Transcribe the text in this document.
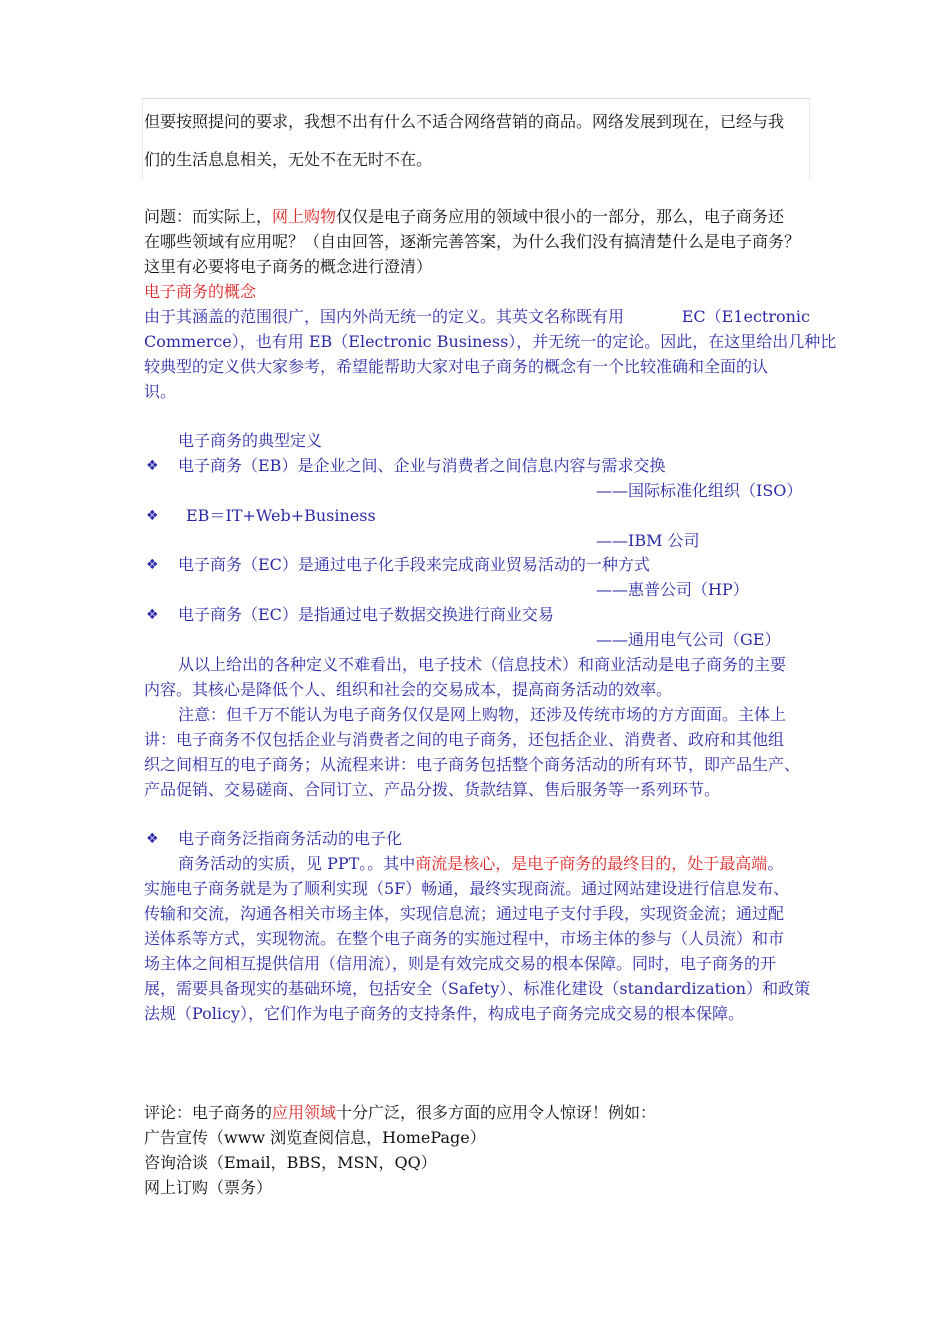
但要按照提问的要求，我想不出有什么不适合网络营销的商品。网络发展到现在，已经与我
们的生活息息相关，无处不在无时不在。
问题：而实际上，网上购物仅仅是电子商务应用的领域中很小的一部分，那么，电子商务还
在哪些领域有应用呢？（自由回答，逐渐完善答案，为什么我们没有搞清楚什么是电子商务？
这里有必要将电子商务的概念进行澄清）
电子商务的概念
由于其涵盖的范围很广，国内外尚无统一的定义。其英文名称既有用	EC（E1ectronic
Commerce），也有用 EB（Electronic Business），并无统一的定论。因此，在这里给出几种比
较典型的定义供大家参考，希望能帮助大家对电子商务的概念有一个比较准确和全面的认
识。
电子商务的典型定义
❖ 电子商务（EB）是企业之间、企业与消费者之间信息内容与需求交换
——国际标准化组织（ISO）
❖ EB＝IT+Web+Business
——IBM 公司
❖ 电子商务（EC）是通过电子化手段来完成商业贸易活动的一种方式
——惠普公司（HP）
❖ 电子商务（EC）是指通过电子数据交换进行商业交易
——通用电气公司（GE）
从以上给出的各种定义不难看出，电子技术（信息技术）和商业活动是电子商务的主要
内容。其核心是降低个人、组织和社会的交易成本，提高商务活动的效率。
注意：但千万不能认为电子商务仅仅是网上购物，还涉及传统市场的方方面面。主体上
讲：电子商务不仅包括企业与消费者之间的电子商务，还包括企业、消费者、政府和其他组
织之间相互的电子商务；从流程来讲：电子商务包括整个商务活动的所有环节，即产品生产、
产品促销、交易磋商、合同订立、产品分拨、货款结算、售后服务等一系列环节。
❖ 电子商务泛指商务活动的电子化
商务活动的实质，见 PPT。。其中商流是核心，是电子商务的最终目的，处于最高端。
实施电子商务就是为了顺利实现（5F）畅通，最终实现商流。通过网站建设进行信息发布、
传输和交流，沟通各相关市场主体，实现信息流；通过电子支付手段，实现资金流；通过配
送体系等方式，实现物流。在整个电子商务的实施过程中，市场主体的参与（人员流）和市
场主体之间相互提供信用（信用流），则是有效完成交易的根本保障。同时，电子商务的开
展，需要具备现实的基础环境，包括安全（Safety）、标准化建设（standardization）和政策
法规（Policy），它们作为电子商务的支持条件，构成电子商务完成交易的根本保障。
评论：电子商务的应用领域十分广泛，很多方面的应用令人惊讶！例如：
广告宣传（www 浏览查阅信息，HomePage）
咨询洽谈（Email，BBS，MSN，QQ）
网上订购（票务）
